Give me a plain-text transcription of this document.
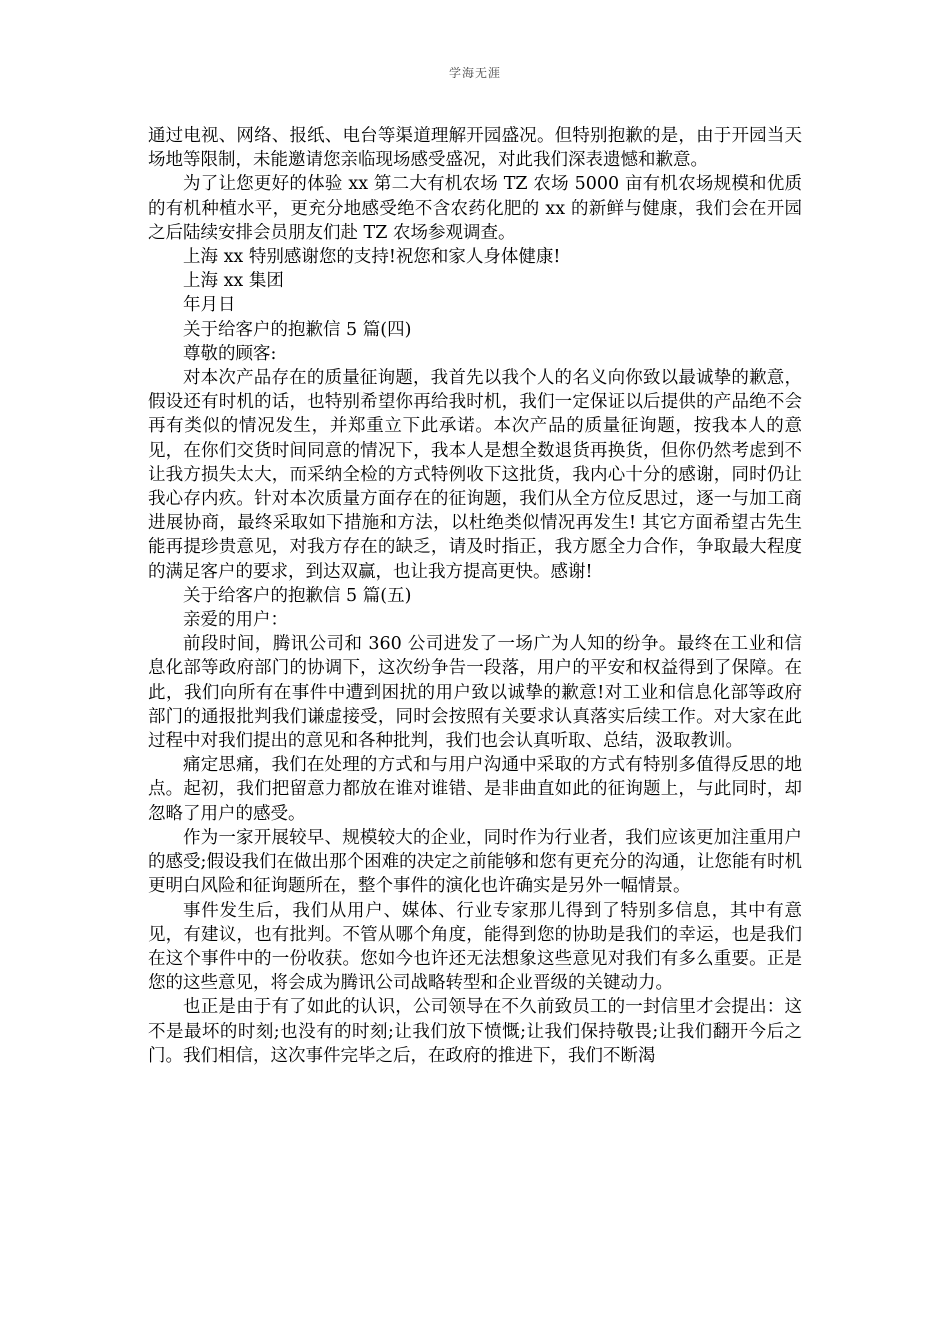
学海无涯

通过电视、网络、报纸、电台等渠道理解开园盛况。但特别抱歉的是，由于开园当天场地等限制，未能邀请您亲临现场感受盛况，对此我们深表遗憾和歉意。

为了让您更好的体验 xx 第二大有机农场 TZ 农场 5000 亩有机农场规模和优质的有机种植水平，更充分地感受绝不含农药化肥的 xx 的新鲜与健康，我们会在开园之后陆续安排会员朋友们赴 TZ 农场参观调查。

上海 xx 特别感谢您的支持!祝您和家人身体健康!

上海 xx 集团

年月日

关于给客户的抱歉信 5 篇(四)

尊敬的顾客:

对本次产品存在的质量征询题，我首先以我个人的名义向你致以最诚挚的歉意，假设还有时机的话，也特别希望你再给我时机，我们一定保证以后提供的产品绝不会再有类似的情况发生，并郑重立下此承诺。本次产品的质量征询题，按我本人的意见，在你们交货时间同意的情况下，我本人是想全数退货再换货，但你仍然考虑到不让我方损失太大，而采纳全检的方式特例收下这批货，我内心十分的感谢，同时仍让我心存内疚。针对本次质量方面存在的征询题，我们从全方位反思过，逐一与加工商进展协商，最终采取如下措施和方法，以杜绝类似情况再发生! 其它方面希望古先生能再提珍贵意见，对我方存在的缺乏，请及时指正，我方愿全力合作，争取最大程度的满足客户的要求，到达双赢，也让我方提高更快。感谢!

关于给客户的抱歉信 5 篇(五)

亲爱的用户：

前段时间，腾讯公司和 360 公司进发了一场广为人知的纷争。最终在工业和信息化部等政府部门的协调下，这次纷争告一段落，用户的平安和权益得到了保障。在此，我们向所有在事件中遭到困扰的用户致以诚挚的歉意!对工业和信息化部等政府部门的通报批判我们谦虚接受，同时会按照有关要求认真落实后续工作。对大家在此过程中对我们提出的意见和各种批判，我们也会认真听取、总结，汲取教训。

痛定思痛，我们在处理的方式和与用户沟通中采取的方式有特别多值得反思的地点。起初，我们把留意力都放在谁对谁错、是非曲直如此的征询题上，与此同时，却忽略了用户的感受。

作为一家开展较早、规模较大的企业，同时作为行业者，我们应该更加注重用户的感受;假设我们在做出那个困难的决定之前能够和您有更充分的沟通，让您能有时机更明白风险和征询题所在，整个事件的演化也许确实是另外一幅情景。

事件发生后，我们从用户、媒体、行业专家那儿得到了特别多信息，其中有意见，有建议，也有批判。不管从哪个角度，能得到您的协助是我们的幸运，也是我们在这个事件中的一份收获。您如今也许还无法想象这些意见对我们有多么重要。正是您的这些意见，将会成为腾讯公司战略转型和企业晋级的关键动力。

也正是由于有了如此的认识，公司领导在不久前致员工的一封信里才会提出：这不是最坏的时刻;也没有的时刻;让我们放下愤慨;让我们保持敬畏;让我们翻开今后之门。我们相信，这次事件完毕之后，在政府的推进下，我们不断渴
